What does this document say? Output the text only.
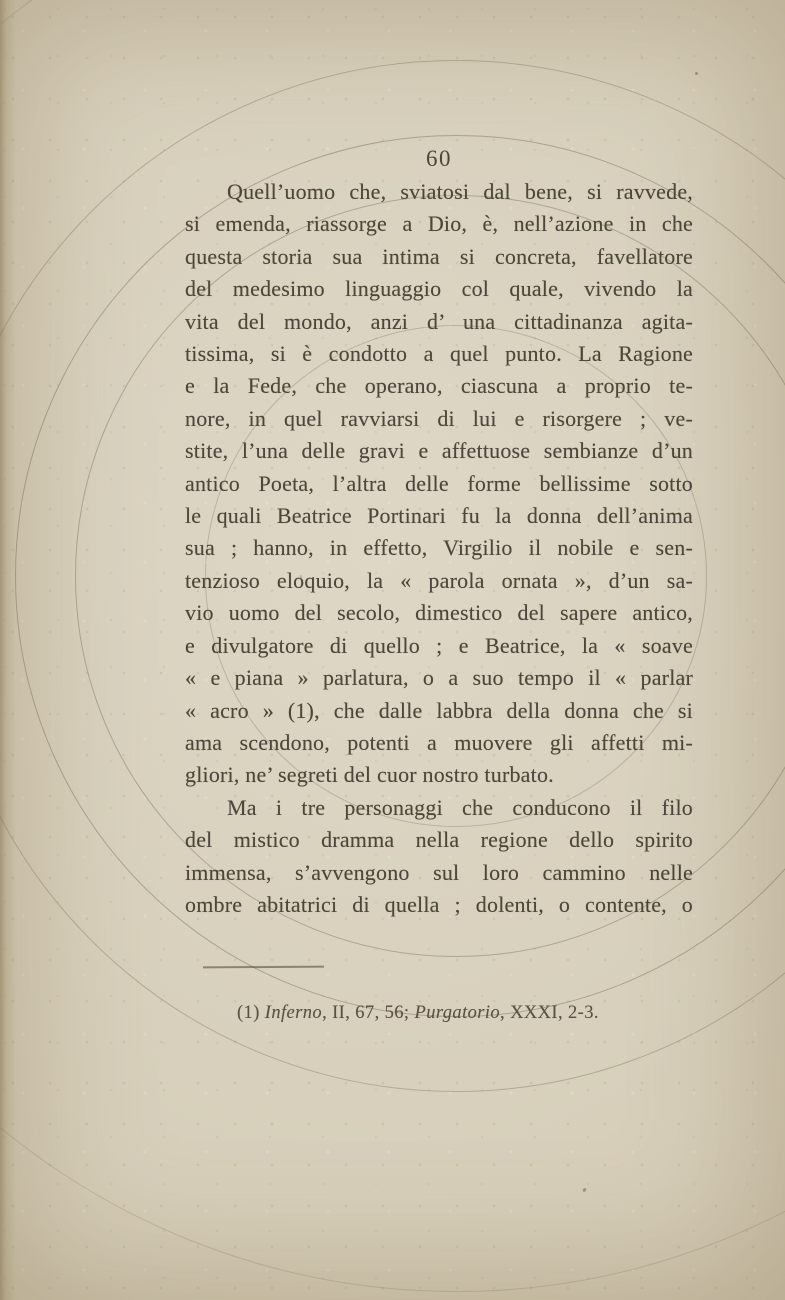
60
Quell’uomo che, sviatosi dal bene, si ravvede,
si emenda, riassorge a Dio, è, nell’azione in che
questa storia sua intima si concreta, favellatore
del medesimo linguaggio col quale, vivendo la
vita del mondo, anzi d’ una cittadinanza agita-
tissima, si è condotto a quel punto. La Ragione
e la Fede, che operano, ciascuna a proprio te-
nore, in quel ravviarsi di lui e risorgere ; ve-
stite, l’una delle gravi e affettuose sembianze d’un
antico Poeta, l’altra delle forme bellissime sotto
le quali Beatrice Portinari fu la donna dell’anima
sua ; hanno, in effetto, Virgilio il nobile e sen-
tenzioso eloquio, la « parola ornata », d’un sa-
vio uomo del secolo, dimestico del sapere antico,
e divulgatore di quello ; e Beatrice, la « soave
« e piana » parlatura, o a suo tempo il « parlar
« acro » (1), che dalle labbra della donna che si
ama scendono, potenti a muovere gli affetti mi-
gliori, ne’ segreti del cuor nostro turbato.
Ma i tre personaggi che conducono il filo
del mistico dramma nella regione dello spirito
immensa, s’avvengono sul loro cammino nelle
ombre abitatrici di quella ; dolenti, o contente, o
(1) Inferno, II, 67, 56; Purgatorio, XXXI, 2-3.
